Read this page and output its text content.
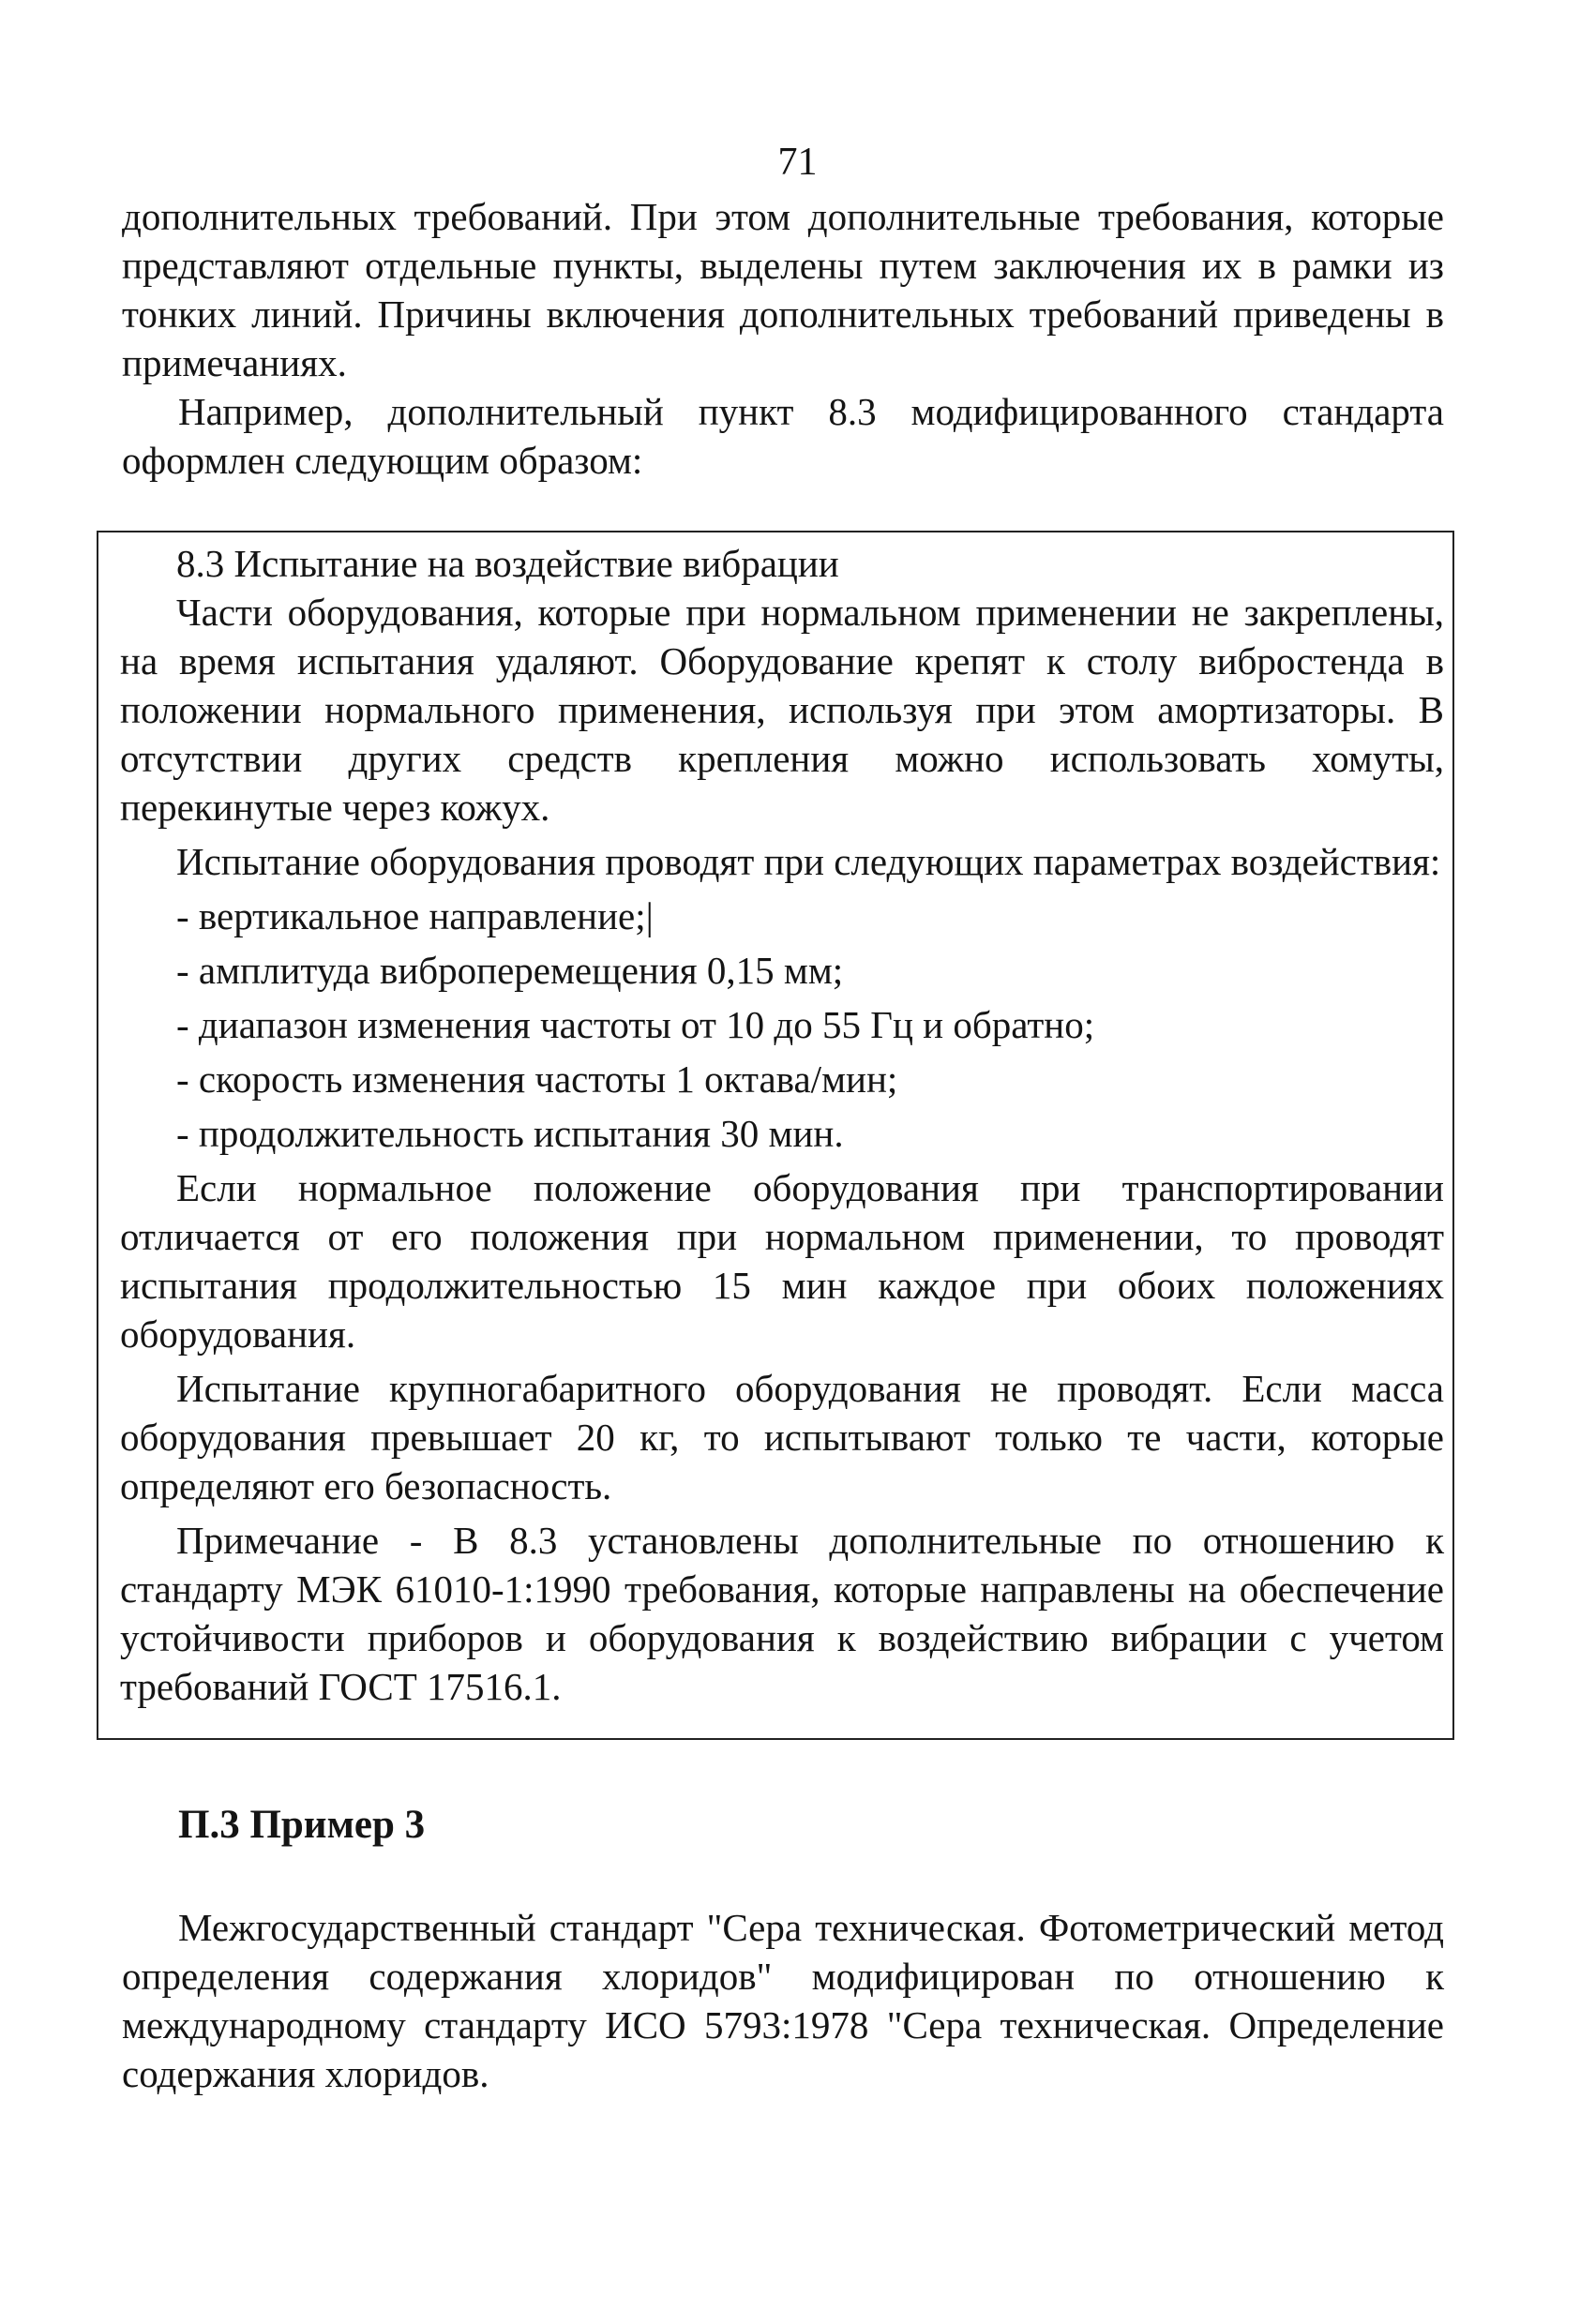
71

дополнительных требований. При этом дополнительные требования, которые представляют отдельные пункты, выделены путем заключения их в рамки из тонких линий. Причины включения дополнительных требований приведены в примечаниях.

Например, дополнительный пункт 8.3 модифицированного стандарта оформлен следующим образом:

8.3 Испытание на воздействие вибрации

Части оборудования, которые при нормальном применении не закреплены, на время испытания удаляют. Оборудование крепят к столу вибростенда в положении нормального применения, используя при этом амортизаторы. В отсутствии других средств крепления можно использовать хомуты, перекинутые через кожух.

Испытание оборудования проводят при следующих параметрах воздействия:

- вертикальное направление;|

- амплитуда виброперемещения 0,15 мм;

- диапазон изменения частоты от 10 до 55 Гц и обратно;

- скорость изменения частоты 1 октава/мин;

- продолжительность испытания 30 мин.

Если нормальное положение оборудования при транспортировании отличается от его положения при нормальном применении, то проводят испытания продолжительностью 15 мин каждое при обоих положениях оборудования.

Испытание крупногабаритного оборудования не проводят. Если масса оборудования превышает 20 кг, то испытывают только те части, которые определяют его безопасность.

Примечание - В 8.3 установлены дополнительные по отношению к стандарту МЭК 61010-1:1990 требования, которые направлены на обеспечение устойчивости приборов и оборудования к воздействию вибрации с учетом требований ГОСТ 17516.1.

П.3 Пример 3

Межгосударственный стандарт "Сера техническая. Фотометрический метод определения содержания хлоридов" модифицирован по отношению к международному стандарту ИСО 5793:1978 "Сера техническая. Определение содержания хлоридов.
